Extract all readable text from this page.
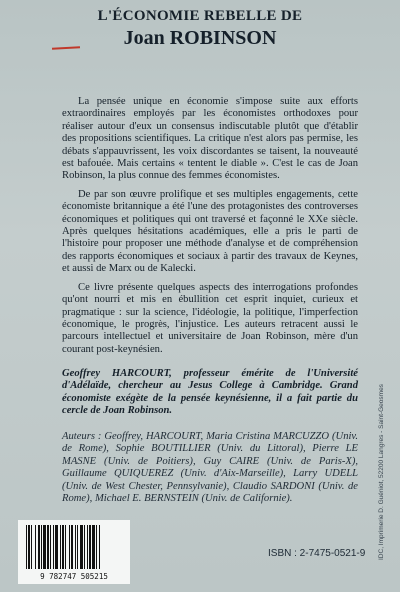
L'ÉCONOMIE REBELLE DE
Joan ROBINSON

La pensée unique en économie s'impose suite aux efforts extraordinaires employés par les économistes orthodoxes pour réaliser autour d'eux un consensus indiscutable plutôt que d'établir des propositions scientifiques. La critique n'est alors pas permise, les débats s'appauvrissent, les voix discordantes se taisent, la nouveauté est bafouée. Mais certains « tentent le diable ». C'est le cas de Joan Robinson, la plus connue des femmes économistes.

De par son œuvre prolifique et ses multiples engagements, cette économiste britannique a été l'une des protagonistes des controverses économiques et politiques qui ont traversé et façonné le XXe siècle. Après quelques hésitations académiques, elle a pris le parti de l'histoire pour proposer une méthode d'analyse et de compréhension des rapports économiques et sociaux à partir des travaux de Keynes, et aussi de Marx ou de Kalecki.

Ce livre présente quelques aspects des interrogations profondes qu'ont nourri et mis en ébullition cet esprit inquiet, curieux et pragmatique : sur la science, l'idéologie, la politique, l'imperfection économique, le progrès, l'injustice. Les auteurs retracent aussi le parcours intellectuel et universitaire de Joan Robinson, mère d'un courant post-keynésien.

Geoffrey HARCOURT, professeur émérite de l'Université d'Adélaïde, chercheur au Jesus College à Cambridge. Grand économiste exégète de la pensée keynésienne, il a fait partie du cercle de Joan Robinson.
Auteurs : Geoffrey, HARCOURT, Maria Cristina MARCUZZO (Univ. de Rome), Sophie BOUTILLIER (Univ. du Littoral), Pierre LE MASNE (Univ. de Poitiers), Guy CAIRE (Univ. de Paris-X), Guillaume QUIQUEREZ (Univ. d'Aix-Marseille), Larry UDELL (Univ. de West Chester, Pennsylvanie), Claudio SARDONI (Univ. de Rome), Michael E. BERNSTEIN (Univ. de Californie).	IDC, Imprimerie D. Guéniot, 52200 Langres - Saint-Geosmes
9 782747 505215
ISBN : 2-7475-0521-9
